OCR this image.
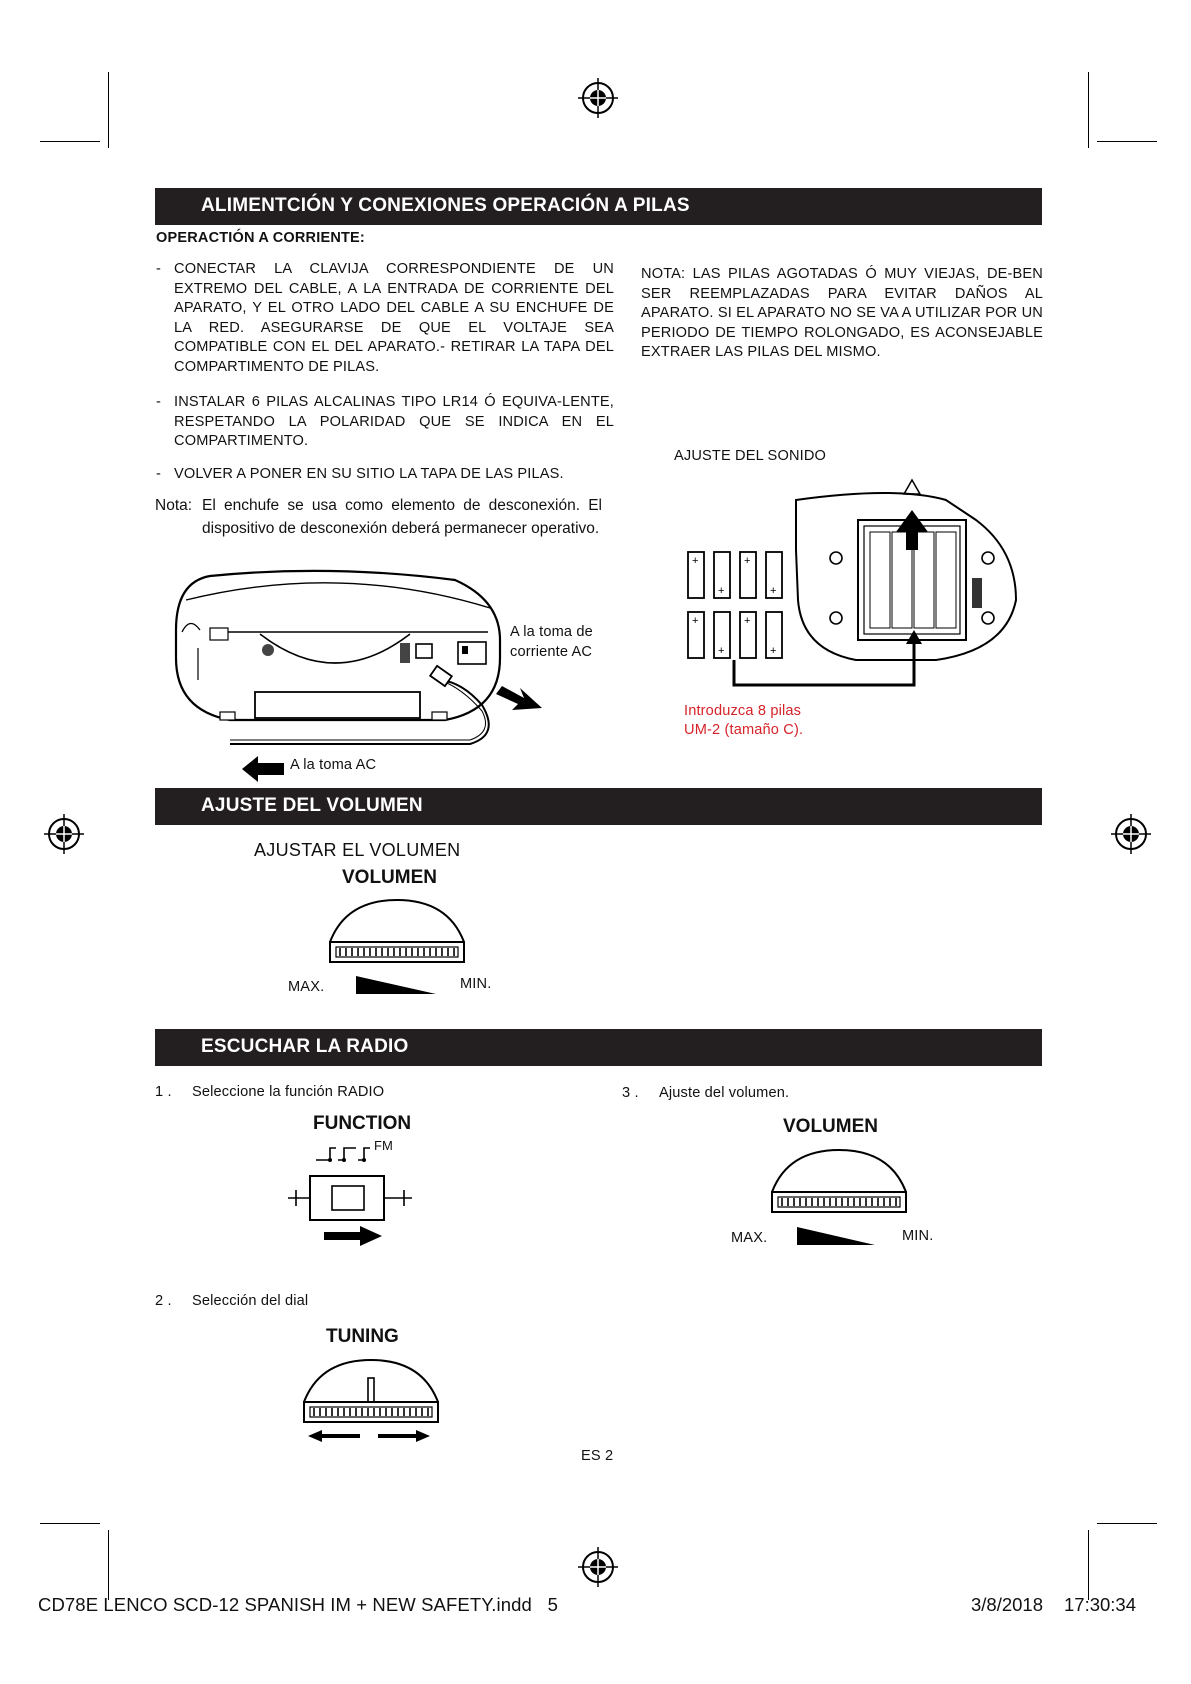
ALIMENTCIÓN Y CONEXIONES OPERACIÓN A PILAS
OPERACTIÓN A CORRIENTE:
- CONECTAR LA CLAVIJA CORRESPONDIENTE DE UN EXTREMO DEL CABLE, A LA ENTRADA DE CORRIENTE DEL APARATO, Y EL OTRO LADO DEL CABLE A SU ENCHUFE DE LA RED. ASEGURARSE DE QUE EL VOLTAJE SEA COMPATIBLE CON EL DEL APARATO.- RETIRAR LA TAPA DEL COMPARTIMENTO DE PILAS.
- INSTALAR 6 PILAS ALCALINAS TIPO LR14 Ó EQUIVA-LENTE, RESPETANDO LA POLARIDAD QUE SE INDICA EN EL COMPARTIMENTO.
- VOLVER A PONER EN SU SITIO LA TAPA DE LAS PILAS.
Nota: El enchufe se usa como elemento de desconexión. El dispositivo de desconexión deberá permanecer operativo.
NOTA: LAS PILAS AGOTADAS Ó MUY VIEJAS, DE-BEN SER REEMPLAZADAS PARA EVITAR DAÑOS AL APARATO. SI EL APARATO NO SE VA A UTILIZAR POR UN PERIODO DE TIEMPO ROLONGADO, ES ACONSEJABLE EXTRAER LAS PILAS DEL MISMO.
AJUSTE DEL SONIDO
A la toma de
corriente AC
A la toma AC
+
+
+
+
+
+
+
+
Introduzca 8 pilas
UM-2 (tamaño C).
AJUSTE DEL VOLUMEN
AJUSTAR EL VOLUMEN
VOLUMEN
MAX.	MIN.
ESCUCHAR LA RADIO
1 . Seleccione la función RADIO
FUNCTION
FM
2 . Selección del dial
TUNING
3 . Ajuste del volumen.
VOLUMEN
MAX.	MIN.
ES 2
CD78E LENCO SCD-12 SPANISH IM + NEW SAFETY.indd   5	3/8/2018 17:30:34
